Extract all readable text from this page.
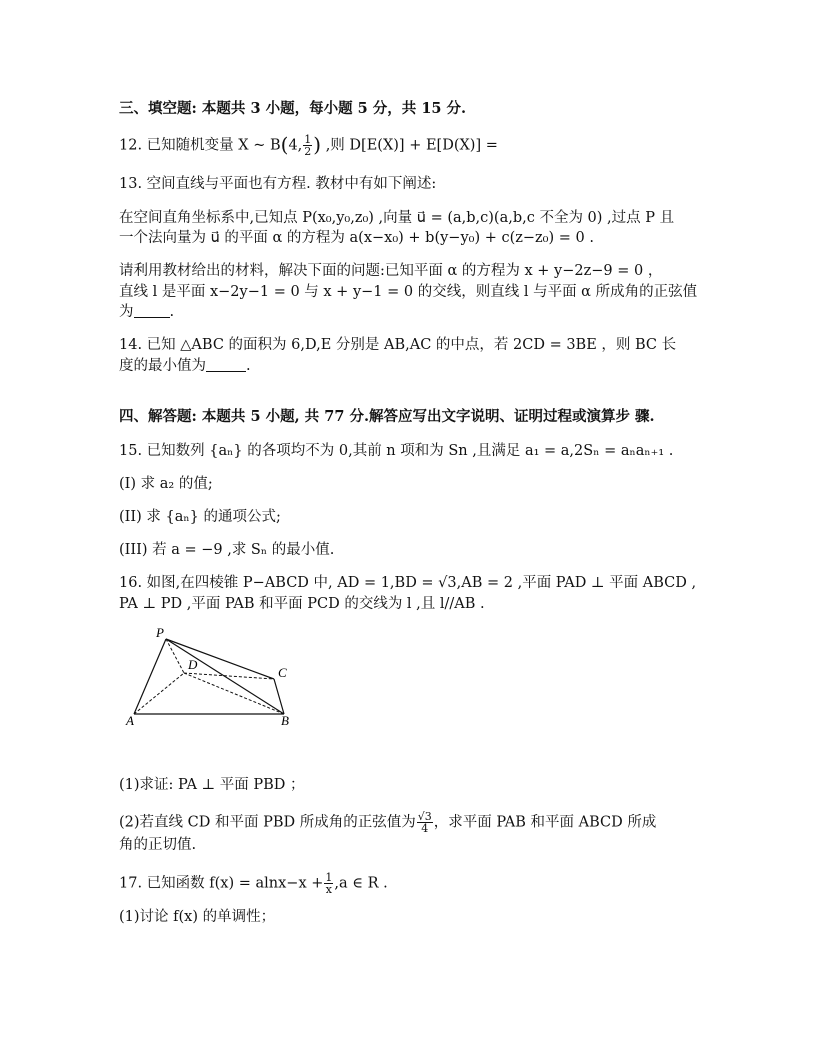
三、填空题: 本题共 3 小题，每小题 5 分，共 15 分.
12. 已知随机变量 X ~ B(4, $\frac{1}{2}$ ) ,则 D[E(X)] + E[D(X)] =
13. 空间直线与平面也有方程. 教材中有如下阐述:
在空间直角坐标系中,已知点 P(x₀,y₀,z₀) ,向量 u⃗ = (a,b,c)(a,b,c 不全为 0) ,过点 P 且
一个法向量为 u⃗ 的平面 α 的方程为 a(x−x₀) + b(y−y₀) + c(z−z₀) = 0 .
请利用教材给出的材料，解决下面的问题:已知平面 α 的方程为 x + y−2z−9 = 0 ，
直线 l 是平面 x−2y−1 = 0 与 x + y−1 = 0 的交线，则直线 l 与平面 α 所成角的正弦值
为 .
14. 已知 △ABC 的面积为 6,D,E 分别是 AB,AC 的中点，若 2CD = 3BE ，则 BC 长
度的最小值为	.
四、解答题: 本题共 5 小题, 共 77 分.解答应写出文字说明、证明过程或演算步 骤.
15. 已知数列 {aₙ} 的各项均不为 0,其前 n 项和为 Sn ,且满足 a₁ = a,2Sₙ = aₙaₙ₊₁ .
(I) 求 a₂ 的值;
(II) 求 {aₙ} 的通项公式;
(III) 若 a = −9 ,求 Sₙ 的最小值.
16. 如图,在四棱锥 P−ABCD 中, AD = 1,BD = √3,AB = 2 ,平面 PAD ⊥ 平面 ABCD ,
PA ⊥ PD ,平面 PAB 和平面 PCD 的交线为 l ,且 l//AB .
P
D
C
A	B
(1)求证: PA ⊥ 平面 PBD ；
(2)若直线 CD 和平面 PBD 所成角的正弦值为 $\frac{√3}{4}$ ，求平面 PAB 和平面 ABCD 所成
角的正切值.
17. 已知函数 $f(x) = alnx-x + \frac{1}{x} ,a$ ∈ R .
(1)讨论 f(x) 的单调性；
